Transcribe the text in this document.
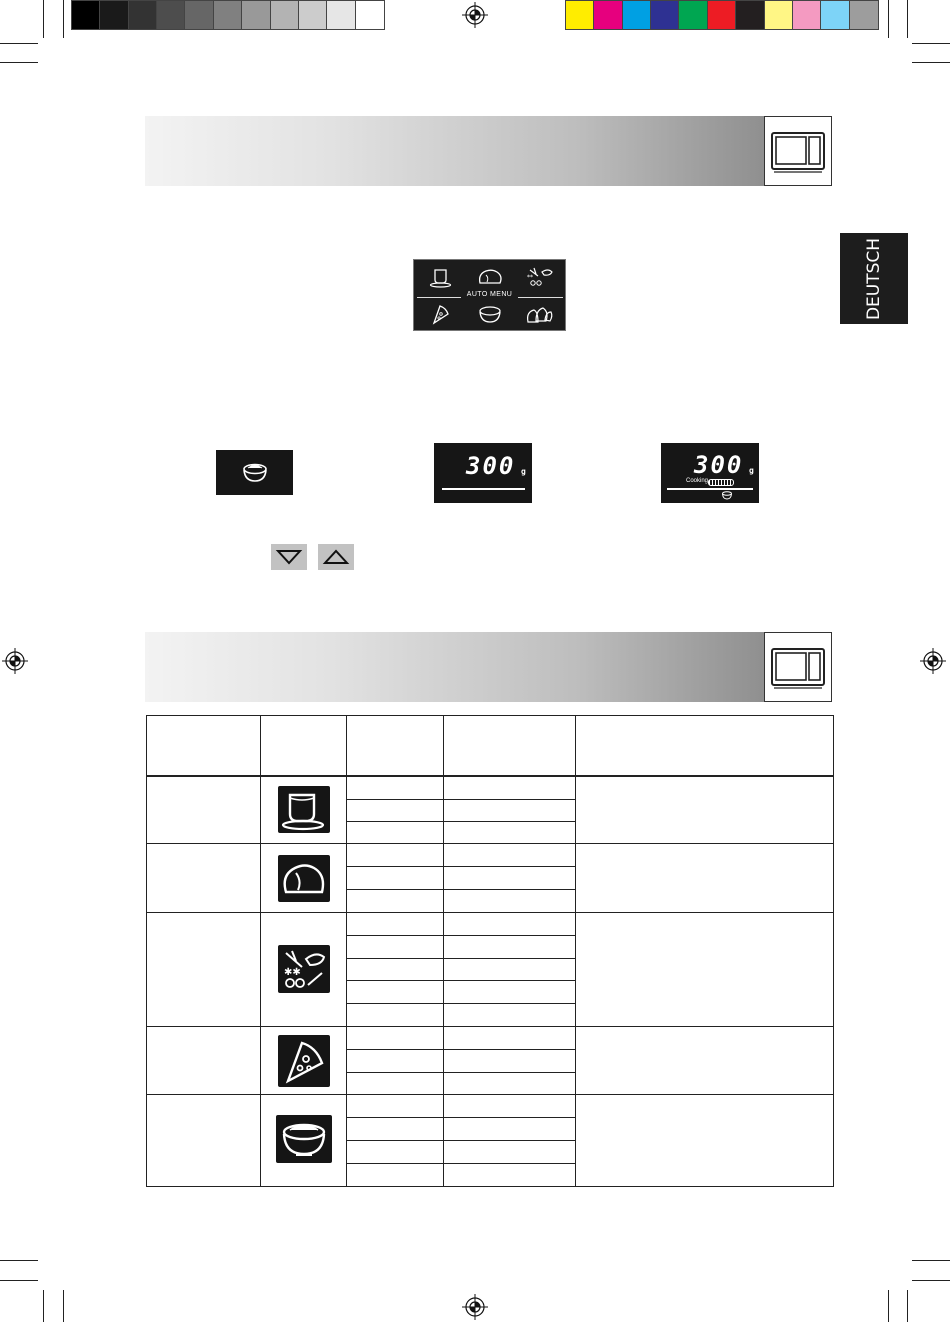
DEUTSCH
**
AUTO MENU
300 g	300 g
Cooking
✱✱
